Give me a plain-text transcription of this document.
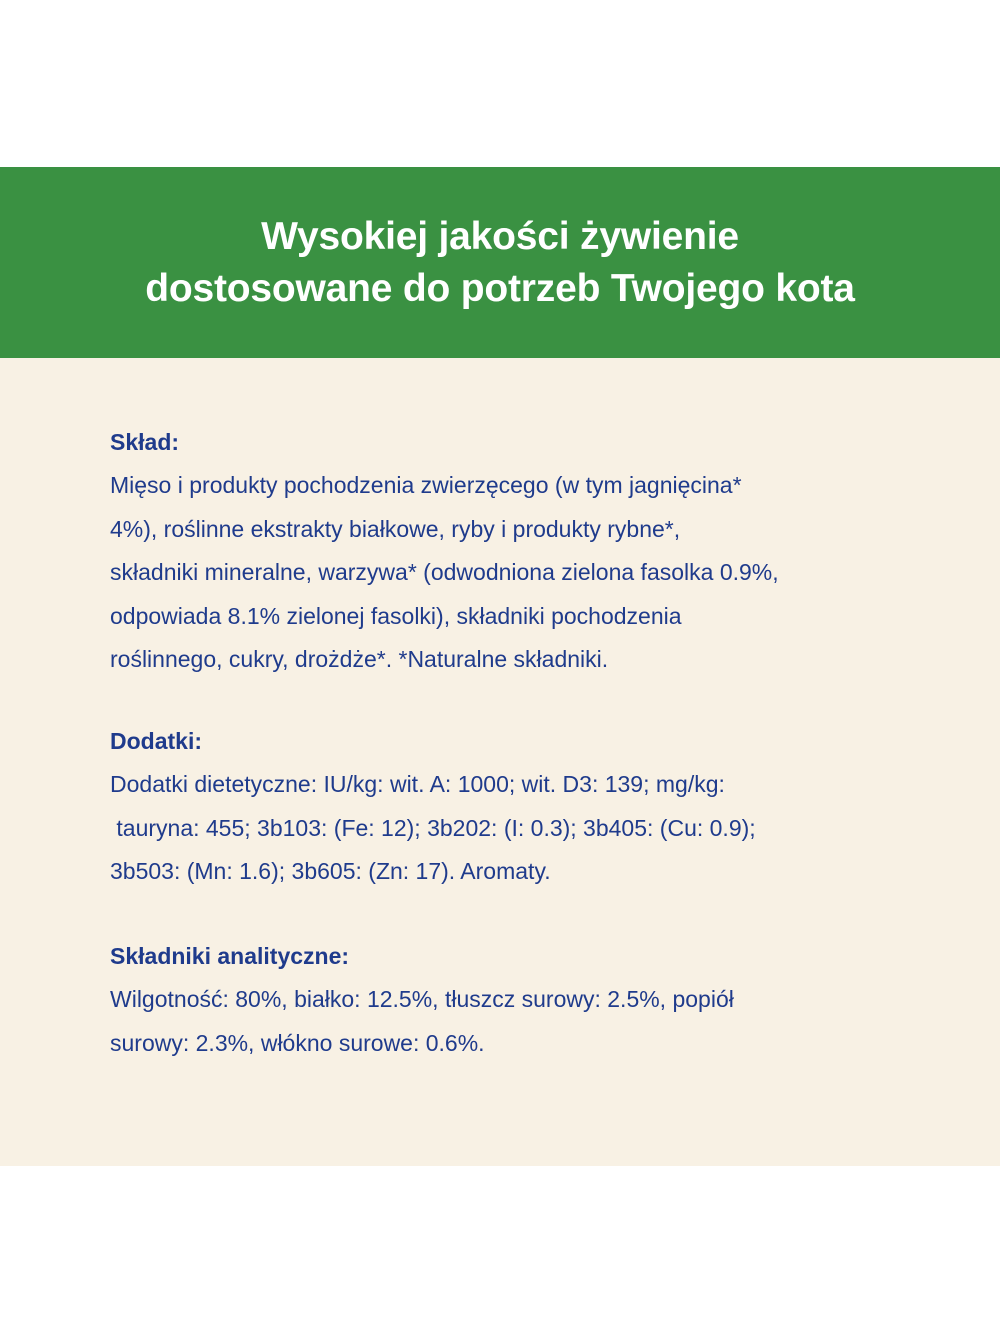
Wysokiej jakości żywienie
dostosowane do potrzeb Twojego kota
Skład:

Mięso i produkty pochodzenia zwierzęcego (w tym jagnięcina*
4%), roślinne ekstrakty białkowe, ryby i produkty rybne*,
składniki mineralne, warzywa* (odwodniona zielona fasolka 0.9%,
odpowiada 8.1% zielonej fasolki), składniki pochodzenia
roślinnego, cukry, drożdże*. *Naturalne składniki.

Dodatki:

Dodatki dietetyczne: IU/kg: wit. A: 1000; wit. D3: 139; mg/kg:
tauryna: 455; 3b103: (Fe: 12); 3b202: (I: 0.3); 3b405: (Cu: 0.9);
3b503: (Mn: 1.6); 3b605: (Zn: 17). Aromaty.

Składniki analityczne:

Wilgotność: 80%, białko: 12.5%, tłuszcz surowy: 2.5%, popiół
surowy: 2.3%, włókno surowe: 0.6%.
